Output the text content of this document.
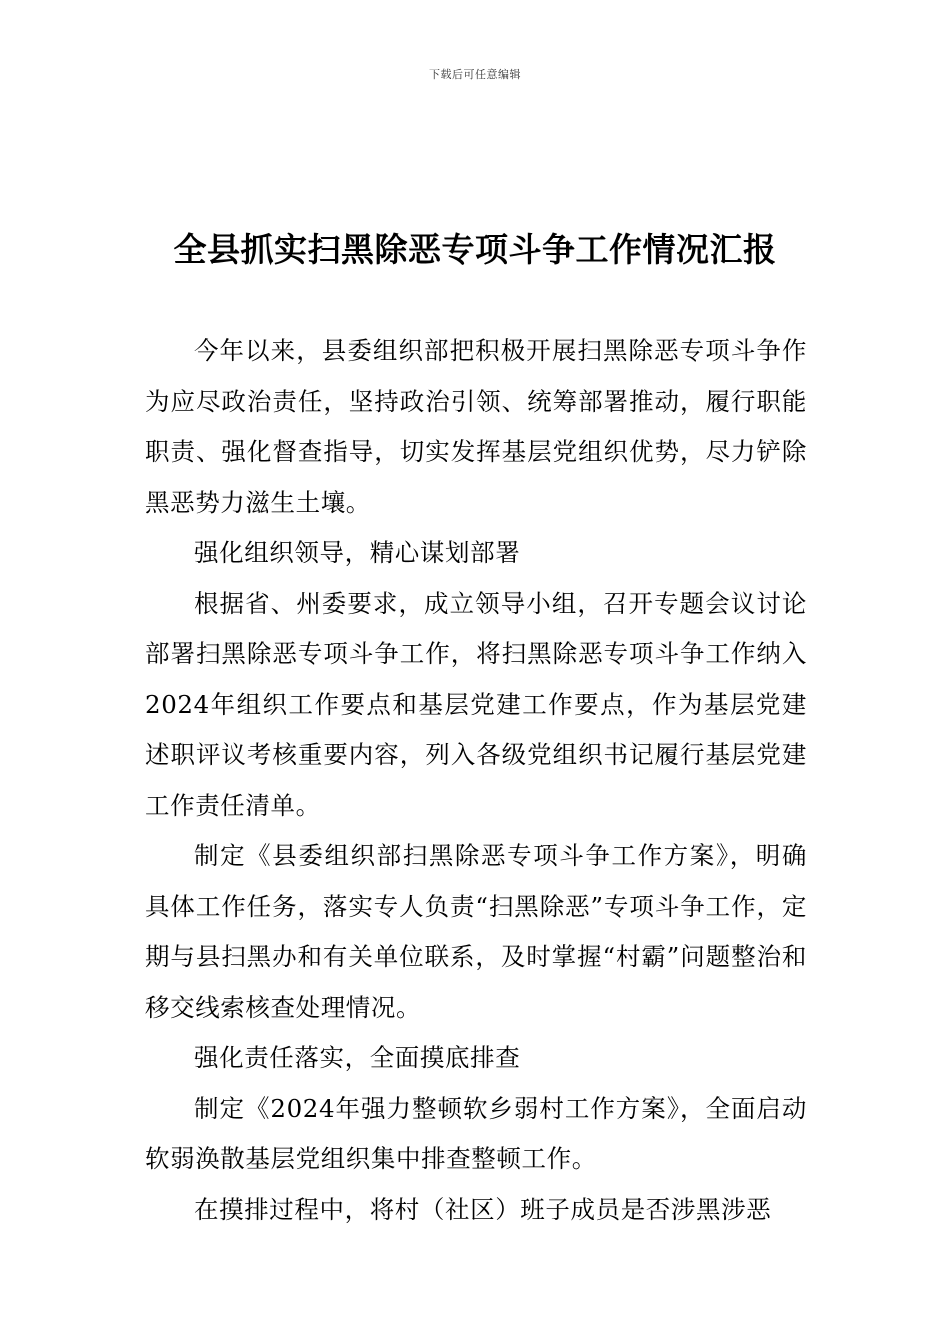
下载后可任意编辑
全县抓实扫黑除恶专项斗争工作情况汇报

今年以来，县委组织部把积极开展扫黑除恶专项斗争作为应尽政治责任，坚持政治引领、统筹部署推动，履行职能职责、强化督查指导，切实发挥基层党组织优势，尽力铲除黑恶势力滋生土壤。

强化组织领导，精心谋划部署

根据省、州委要求，成立领导小组，召开专题会议讨论部署扫黑除恶专项斗争工作，将扫黑除恶专项斗争工作纳入2024年组织工作要点和基层党建工作要点，作为基层党建述职评议考核重要内容，列入各级党组织书记履行基层党建工作责任清单。

制定《县委组织部扫黑除恶专项斗争工作方案》，明确具体工作任务，落实专人负责“扫黑除恶”专项斗争工作，定期与县扫黑办和有关单位联系，及时掌握“村霸”问题整治和移交线索核查处理情况。

强化责任落实，全面摸底排查

制定《2024年强力整顿软乡弱村工作方案》，全面启动软弱涣散基层党组织集中排查整顿工作。

在摸排过程中，将村（社区）班子成员是否涉黑涉恶
